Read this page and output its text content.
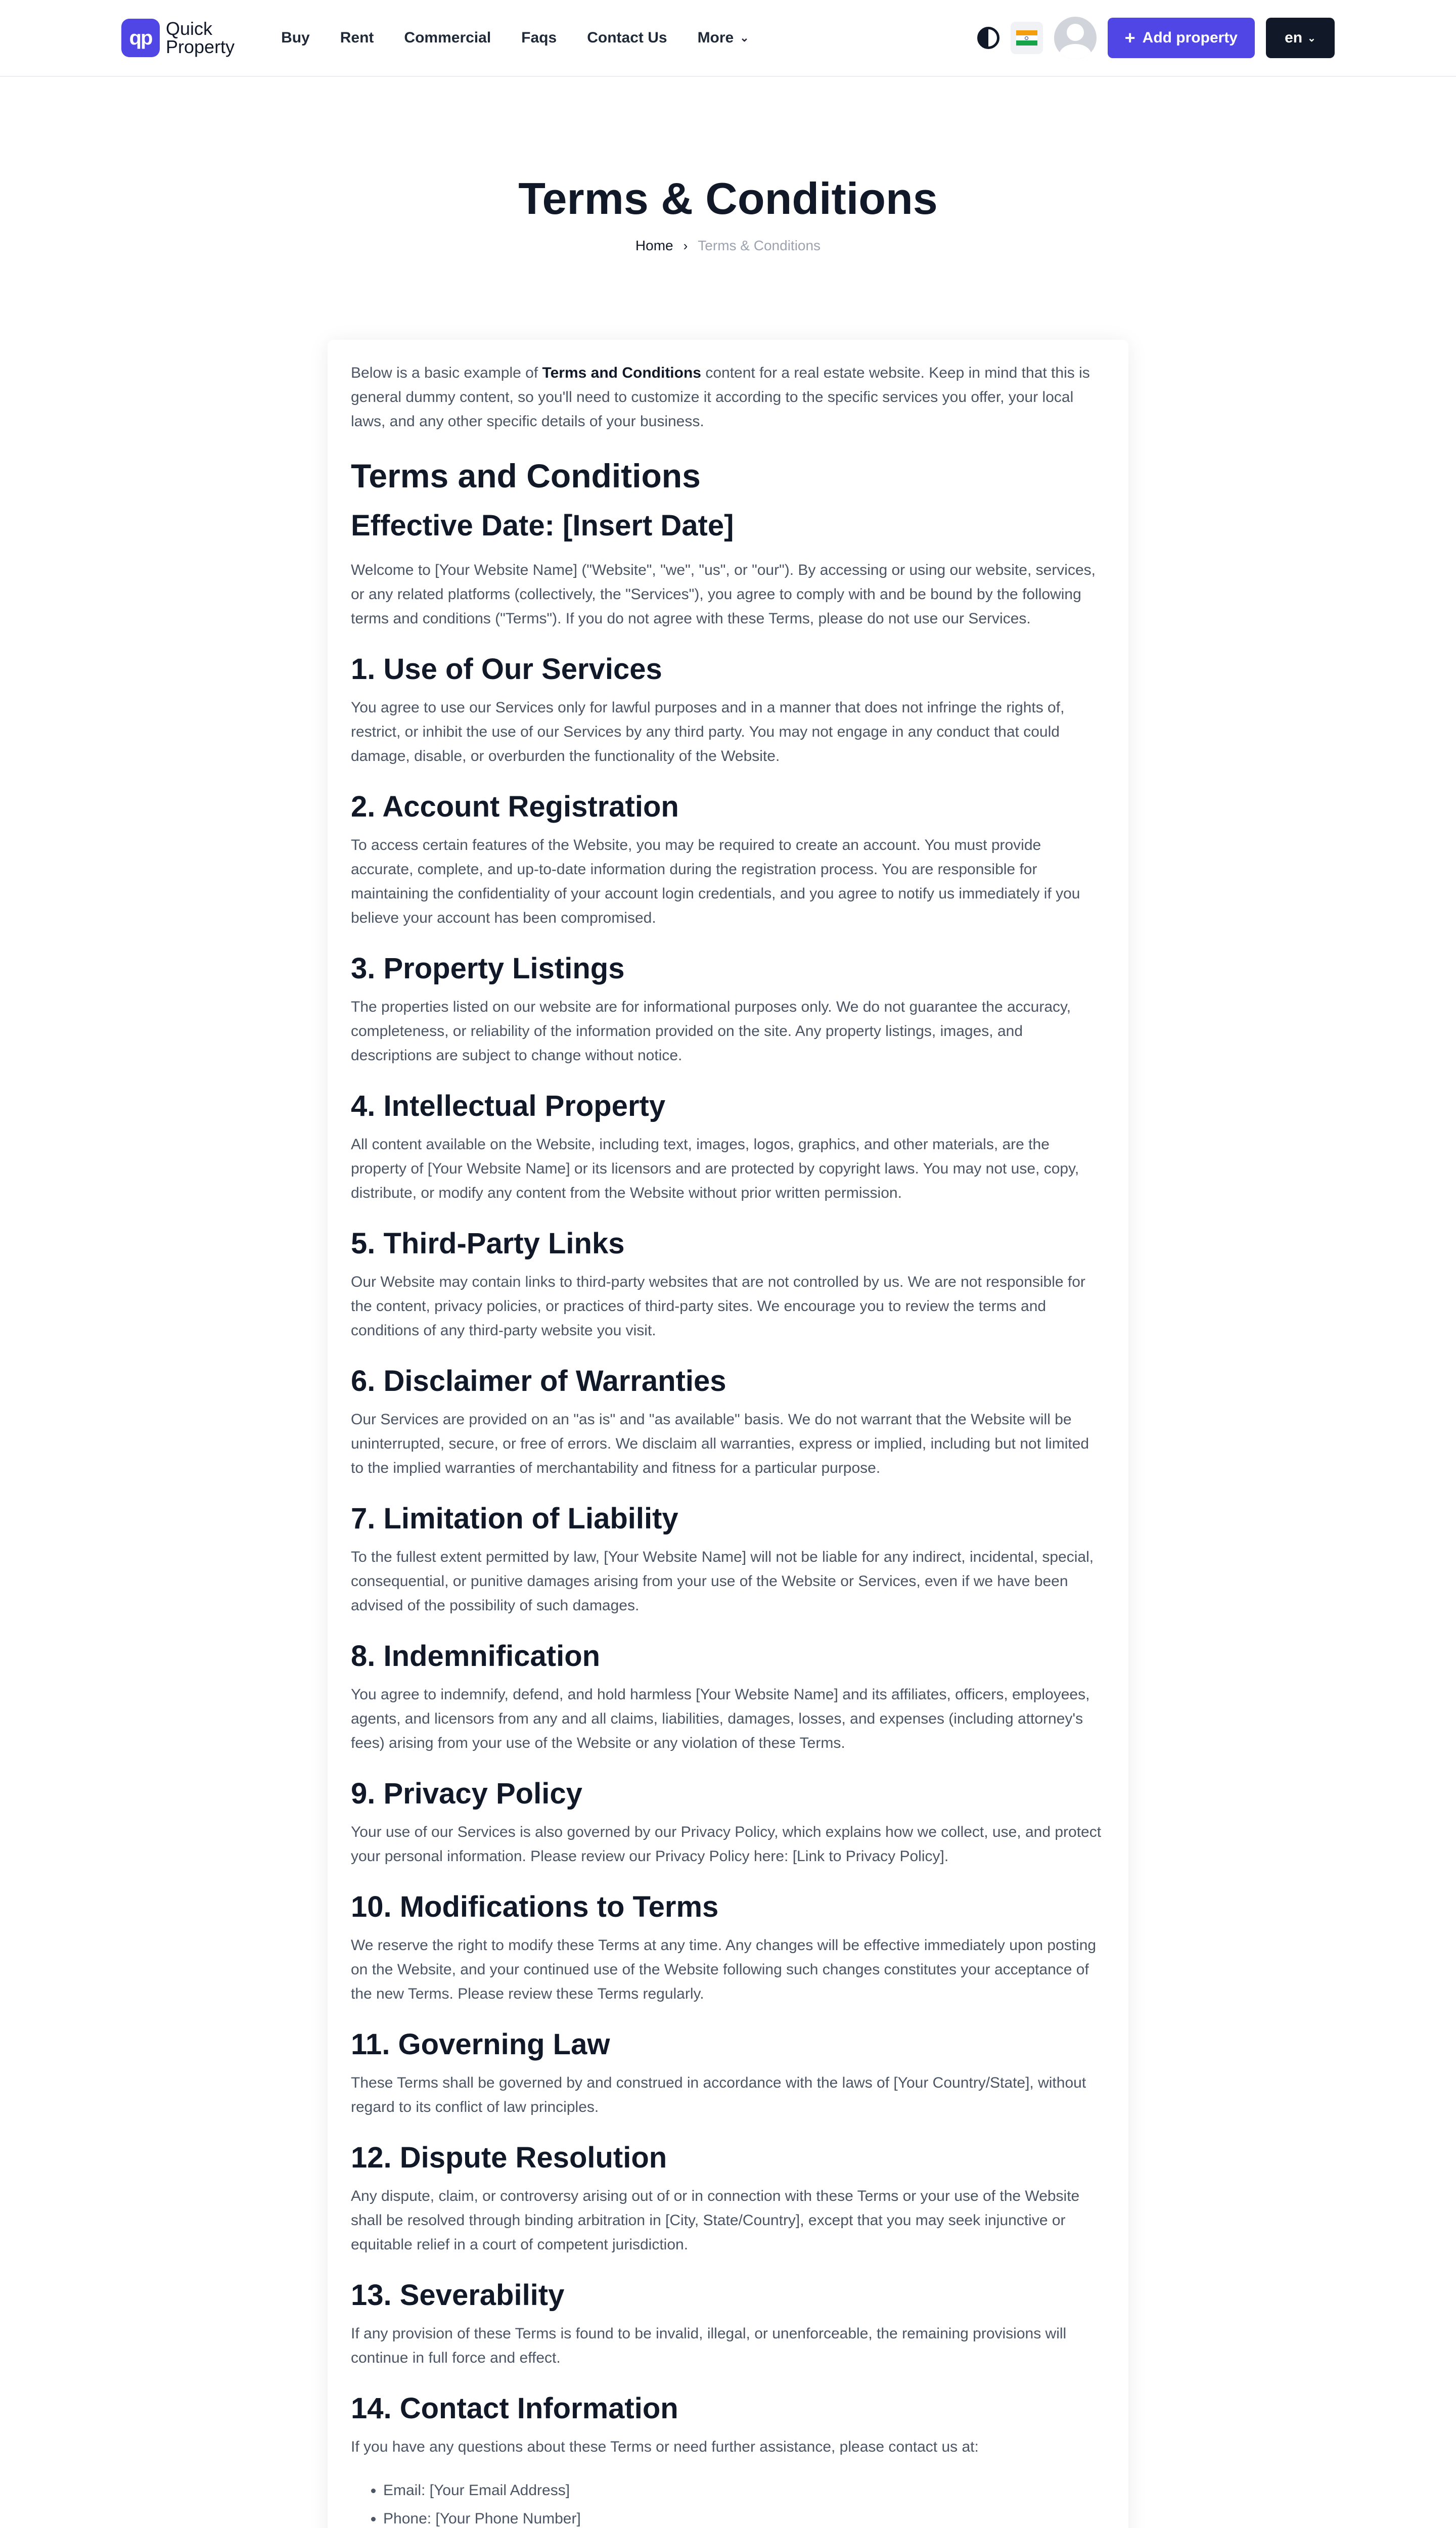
qp Quick
Property	Buy Rent Commercial Faqs Contact Us More ⌄	+ Add property	en ⌄
Terms & Conditions
Home › Terms & Conditions

Below is a basic example of Terms and Conditions content for a real estate website. Keep in mind that this is general dummy content, so you'll need to customize it according to the specific services you offer, your local laws, and any other specific details of your business.

Terms and Conditions
Effective Date: [Insert Date]

Welcome to [Your Website Name] ("Website", "we", "us", or "our"). By accessing or using our website, services, or any related platforms (collectively, the "Services"), you agree to comply with and be bound by the following terms and conditions ("Terms"). If you do not agree with these Terms, please do not use our Services.

1. Use of Our Services

You agree to use our Services only for lawful purposes and in a manner that does not infringe the rights of, restrict, or inhibit the use of our Services by any third party. You may not engage in any conduct that could damage, disable, or overburden the functionality of the Website.

2. Account Registration

To access certain features of the Website, you may be required to create an account. You must provide accurate, complete, and up-to-date information during the registration process. You are responsible for maintaining the confidentiality of your account login credentials, and you agree to notify us immediately if you believe your account has been compromised.

3. Property Listings

The properties listed on our website are for informational purposes only. We do not guarantee the accuracy, completeness, or reliability of the information provided on the site. Any property listings, images, and descriptions are subject to change without notice.

4. Intellectual Property

All content available on the Website, including text, images, logos, graphics, and other materials, are the property of [Your Website Name] or its licensors and are protected by copyright laws. You may not use, copy, distribute, or modify any content from the Website without prior written permission.

5. Third-Party Links

Our Website may contain links to third-party websites that are not controlled by us. We are not responsible for the content, privacy policies, or practices of third-party sites. We encourage you to review the terms and conditions of any third-party website you visit.

6. Disclaimer of Warranties

Our Services are provided on an "as is" and "as available" basis. We do not warrant that the Website will be uninterrupted, secure, or free of errors. We disclaim all warranties, express or implied, including but not limited to the implied warranties of merchantability and fitness for a particular purpose.

7. Limitation of Liability

To the fullest extent permitted by law, [Your Website Name] will not be liable for any indirect, incidental, special, consequential, or punitive damages arising from your use of the Website or Services, even if we have been advised of the possibility of such damages.

8. Indemnification

You agree to indemnify, defend, and hold harmless [Your Website Name] and its affiliates, officers, employees, agents, and licensors from any and all claims, liabilities, damages, losses, and expenses (including attorney's fees) arising from your use of the Website or any violation of these Terms.

9. Privacy Policy

Your use of our Services is also governed by our Privacy Policy, which explains how we collect, use, and protect your personal information. Please review our Privacy Policy here: [Link to Privacy Policy].

10. Modifications to Terms

We reserve the right to modify these Terms at any time. Any changes will be effective immediately upon posting on the Website, and your continued use of the Website following such changes constitutes your acceptance of the new Terms. Please review these Terms regularly.

11. Governing Law

These Terms shall be governed by and construed in accordance with the laws of [Your Country/State], without regard to its conflict of law principles.

12. Dispute Resolution

Any dispute, claim, or controversy arising out of or in connection with these Terms or your use of the Website shall be resolved through binding arbitration in [City, State/Country], except that you may seek injunctive or equitable relief in a court of competent jurisdiction.

13. Severability

If any provision of these Terms is found to be invalid, illegal, or unenforceable, the remaining provisions will continue in full force and effect.

14. Contact Information

If you have any questions about these Terms or need further assistance, please contact us at:

• Email: [Your Email Address]
• Phone: [Your Phone Number]
